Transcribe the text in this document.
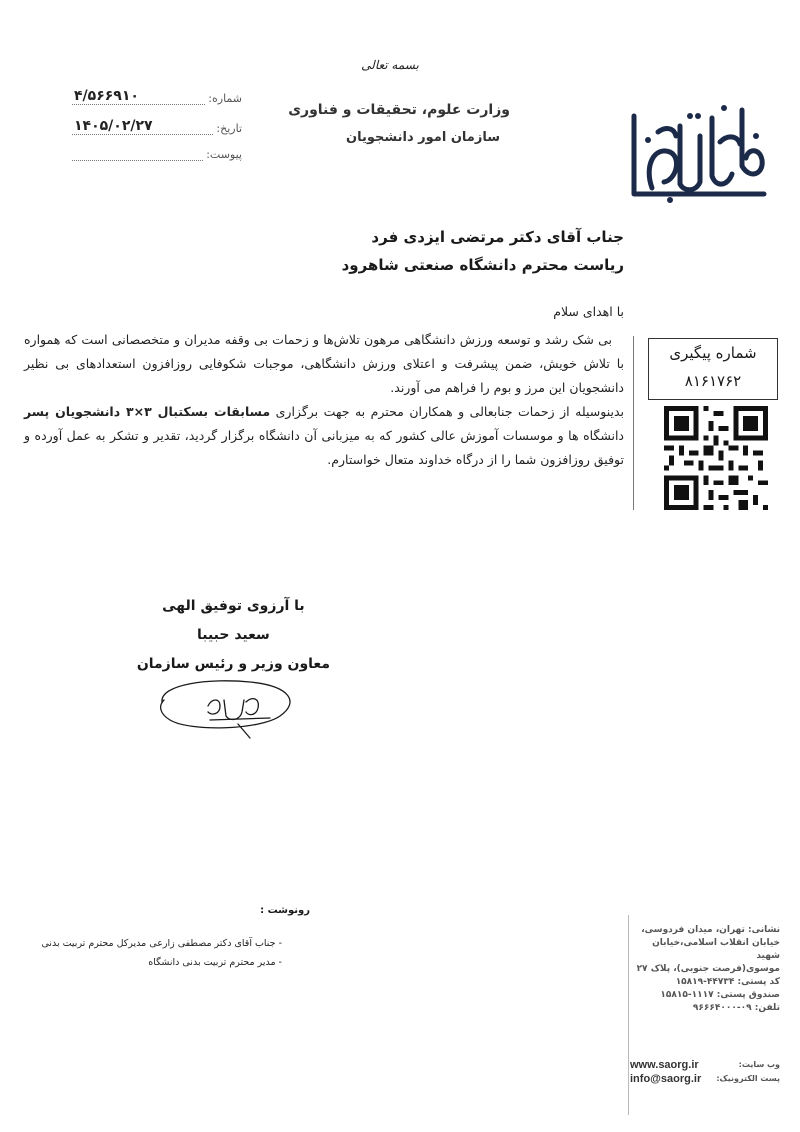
بسمه تعالی
وزارت علوم، تحقیقات و فناوری
سازمان امور دانشجویان
شماره:
۴/۵۶۶۹۱۰
تاریخ:
۱۴۰۵/۰۲/۲۷
پیوست:
جناب آقای دکتر مرتضی ایزدی فرد
ریاست محترم دانشگاه صنعتی شاهرود

با اهدای سلام

بی شک رشد و توسعه ورزش دانشگاهی مرهون تلاش‌ها و زحمات بی وقفه مدیران و متخصصانی است که همواره با تلاش خویش، ضمن پیشرفت و اعتلای ورزش دانشگاهی، موجبات شکوفایی روزافزون استعدادهای بی نظیر دانشجویان این مرز و بوم را فراهم می آورند.

بدینوسیله از زحمات جنابعالی و همکاران محترم به جهت برگزاری مسابقات بسکتبال ۳×۳ دانشجویان پسر دانشگاه ها و موسسات آموزش عالی کشور که به میزبانی آن دانشگاه برگزار گردید، تقدیر و تشکر به عمل آورده و توفیق روزافزون شما را از درگاه خداوند متعال خواستارم.

شماره پیگیری
۸۱۶۱۷۶۲
با آرزوی توفیق الهی
سعید حبیبا
معاون وزیر و رئیس سازمان
رونوشت :
- جناب آقای دکتر مصطفی زارعی مدیرکل محترم تربیت بدنی
- مدیر محترم تربیت بدنی دانشگاه
نشانی: تهران، میدان فردوسی،
خیابان انقلاب اسلامی،خیابان شهید
موسوی(فرصت جنوبی)، پلاک ۲۷
کد پستی: ۴۴۷۳۴-۱۵۸۱۹
صندوق پستی: ۱۱۱۷-۱۵۸۱۵
تلفن: ۰۹-۹۶۶۶۴۰۰۰
وب سایت:
www.saorg.ir
پست الکترونیک:
info@saorg.ir
